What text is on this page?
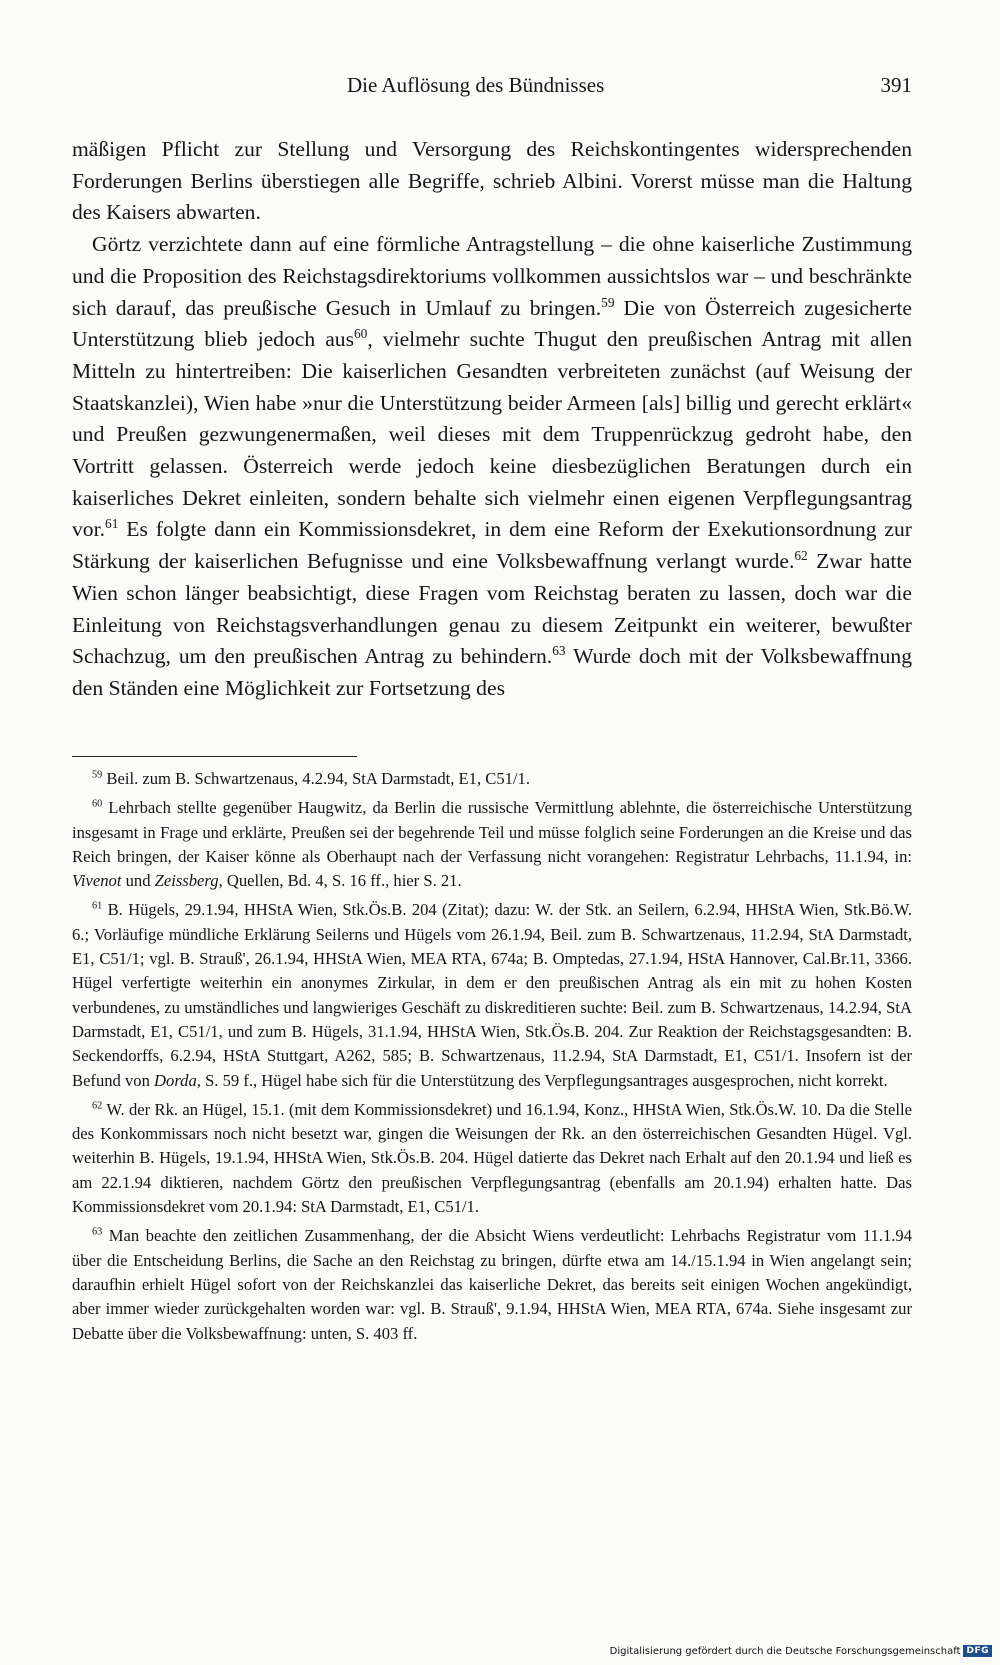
Die Auflösung des Bündnisses	391

mäßigen Pflicht zur Stellung und Versorgung des Reichskontingentes widersprechenden Forderungen Berlins überstiegen alle Begriffe, schrieb Albini. Vorerst müsse man die Haltung des Kaisers abwarten.

Görtz verzichtete dann auf eine förmliche Antragstellung – die ohne kaiserliche Zustimmung und die Proposition des Reichstagsdirektoriums vollkommen aussichtslos war – und beschränkte sich darauf, das preußische Gesuch in Umlauf zu bringen.$^{59}$ Die von Österreich zugesicherte Unterstützung blieb jedoch aus$^{60}$, vielmehr suchte Thugut den preußischen Antrag mit allen Mitteln zu hintertreiben: Die kaiserlichen Gesandten verbreiteten zunächst (auf Weisung der Staatskanzlei), Wien habe »nur die Unterstützung beider Armeen [als] billig und gerecht erklärt« und Preußen gezwungenermaßen, weil dieses mit dem Truppenrückzug gedroht habe, den Vortritt gelassen. Österreich werde jedoch keine diesbezüglichen Beratungen durch ein kaiserliches Dekret einleiten, sondern behalte sich vielmehr einen eigenen Verpflegungsantrag vor.$^{61}$ Es folgte dann ein Kommissionsdekret, in dem eine Reform der Exekutionsordnung zur Stärkung der kaiserlichen Befugnisse und eine Volksbewaffnung verlangt wurde.$^{62}$ Zwar hatte Wien schon länger beabsichtigt, diese Fragen vom Reichstag beraten zu lassen, doch war die Einleitung von Reichstagsverhandlungen genau zu diesem Zeitpunkt ein weiterer, bewußter Schachzug, um den preußischen Antrag zu behindern.$^{63}$ Wurde doch mit der Volksbewaffnung den Ständen eine Möglichkeit zur Fortsetzung des

$^{59}$ Beil. zum B. Schwartzenaus, 4.2.94, StA Darmstadt, E1, C51/1.

$^{60}$ Lehrbach stellte gegenüber Haugwitz, da Berlin die russische Vermittlung ablehnte, die österreichische Unterstützung insgesamt in Frage und erklärte, Preußen sei der begehrende Teil und müsse folglich seine Forderungen an die Kreise und das Reich bringen, der Kaiser könne als Oberhaupt nach der Verfassung nicht vorangehen: Registratur Lehrbachs, 11.1.94, in: Vivenot und Zeissberg, Quellen, Bd. 4, S. 16 ff., hier S. 21.

$^{61}$ B. Hügels, 29.1.94, HHStA Wien, Stk.Ös.B. 204 (Zitat); dazu: W. der Stk. an Seilern, 6.2.94, HHStA Wien, Stk.Bö.W. 6.; Vorläufige mündliche Erklärung Seilerns und Hügels vom 26.1.94, Beil. zum B. Schwartzenaus, 11.2.94, StA Darmstadt, E1, C51/1; vgl. B. Strauß', 26.1.94, HHStA Wien, MEA RTA, 674a; B. Omptedas, 27.1.94, HStA Hannover, Cal.Br.11, 3366. Hügel verfertigte weiterhin ein anonymes Zirkular, in dem er den preußischen Antrag als ein mit zu hohen Kosten verbundenes, zu umständliches und langwieriges Geschäft zu diskreditieren suchte: Beil. zum B. Schwartzenaus, 14.2.94, StA Darmstadt, E1, C51/1, und zum B. Hügels, 31.1.94, HHStA Wien, Stk.Ös.B. 204. Zur Reaktion der Reichstagsgesandten: B. Seckendorffs, 6.2.94, HStA Stuttgart, A262, 585; B. Schwartzenaus, 11.2.94, StA Darmstadt, E1, C51/1. Insofern ist der Befund von Dorda, S. 59 f., Hügel habe sich für die Unterstützung des Verpflegungsantrages ausgesprochen, nicht korrekt.

$^{62}$ W. der Rk. an Hügel, 15.1. (mit dem Kommissionsdekret) und 16.1.94, Konz., HHStA Wien, Stk.Ös.W. 10. Da die Stelle des Konkommissars noch nicht besetzt war, gingen die Weisungen der Rk. an den österreichischen Gesandten Hügel. Vgl. weiterhin B. Hügels, 19.1.94, HHStA Wien, Stk.Ös.B. 204. Hügel datierte das Dekret nach Erhalt auf den 20.1.94 und ließ es am 22.1.94 diktieren, nachdem Görtz den preußischen Verpflegungsantrag (ebenfalls am 20.1.94) erhalten hatte. Das Kommissionsdekret vom 20.1.94: StA Darmstadt, E1, C51/1.

$^{63}$ Man beachte den zeitlichen Zusammenhang, der die Absicht Wiens verdeutlicht: Lehrbachs Registratur vom 11.1.94 über die Entscheidung Berlins, die Sache an den Reichstag zu bringen, dürfte etwa am 14./15.1.94 in Wien angelangt sein; daraufhin erhielt Hügel sofort von der Reichskanzlei das kaiserliche Dekret, das bereits seit einigen Wochen angekündigt, aber immer wieder zurückgehalten worden war: vgl. B. Strauß', 9.1.94, HHStA Wien, MEA RTA, 674a. Siehe insgesamt zur Debatte über die Volksbewaffnung: unten, S. 403 ff.

Digitalisierung gefördert durch die Deutsche Forschungsgemeinschaft DFG
